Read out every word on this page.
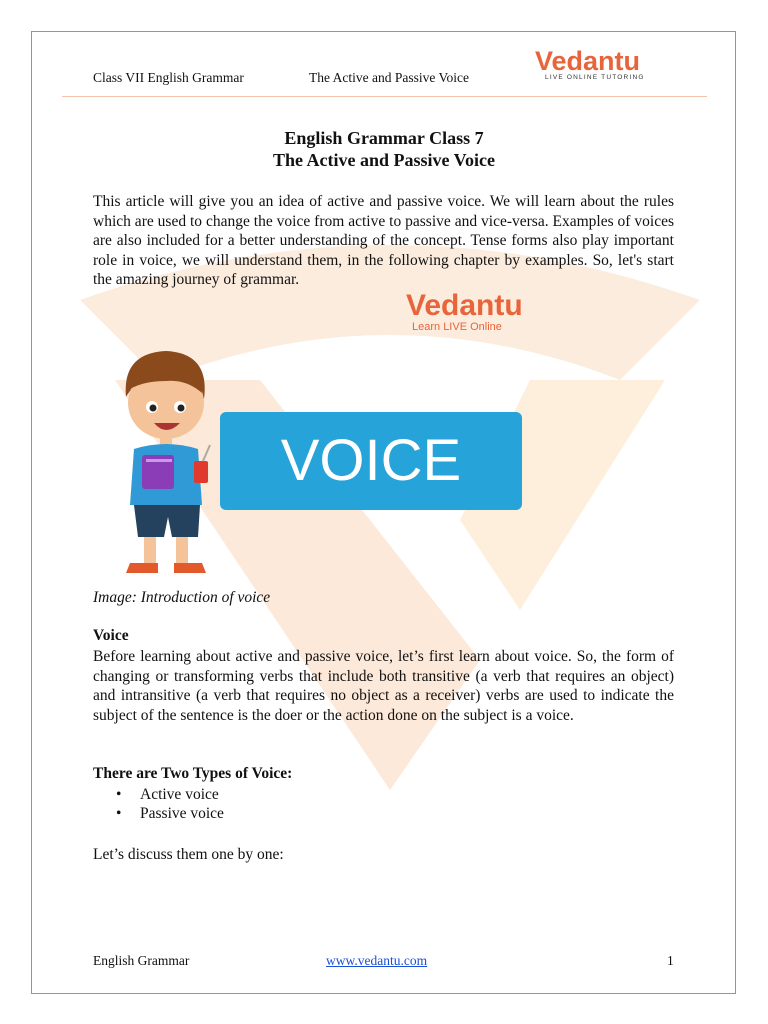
Class VII English Grammar	The Active and Passive Voice
Vedantu
LIVE ONLINE TUTORING
English Grammar Class 7
The Active and Passive Voice
This article will give you an idea of active and passive voice. We will learn about the rules which are used to change the voice from active to passive and vice-versa. Examples of voices are also included for a better understanding of the concept. Tense forms also play important role in voice, we will understand them, in the following chapter by examples. So, let's start the amazing journey of grammar.
Vedantu
Learn LIVE Online
VOICE
Image: Introduction of voice
Voice
Before learning about active and passive voice, let’s first learn about voice. So, the form of changing or transforming verbs that include both transitive (a verb that requires an object) and intransitive (a verb that requires no object as a receiver) verbs are used to indicate the subject of the sentence is the doer or the action done on the subject is a voice.
There are Two Types of Voice:
• Active voice
• Passive voice
Let’s discuss them one by one:
English Grammar	www.vedantu.com	1
